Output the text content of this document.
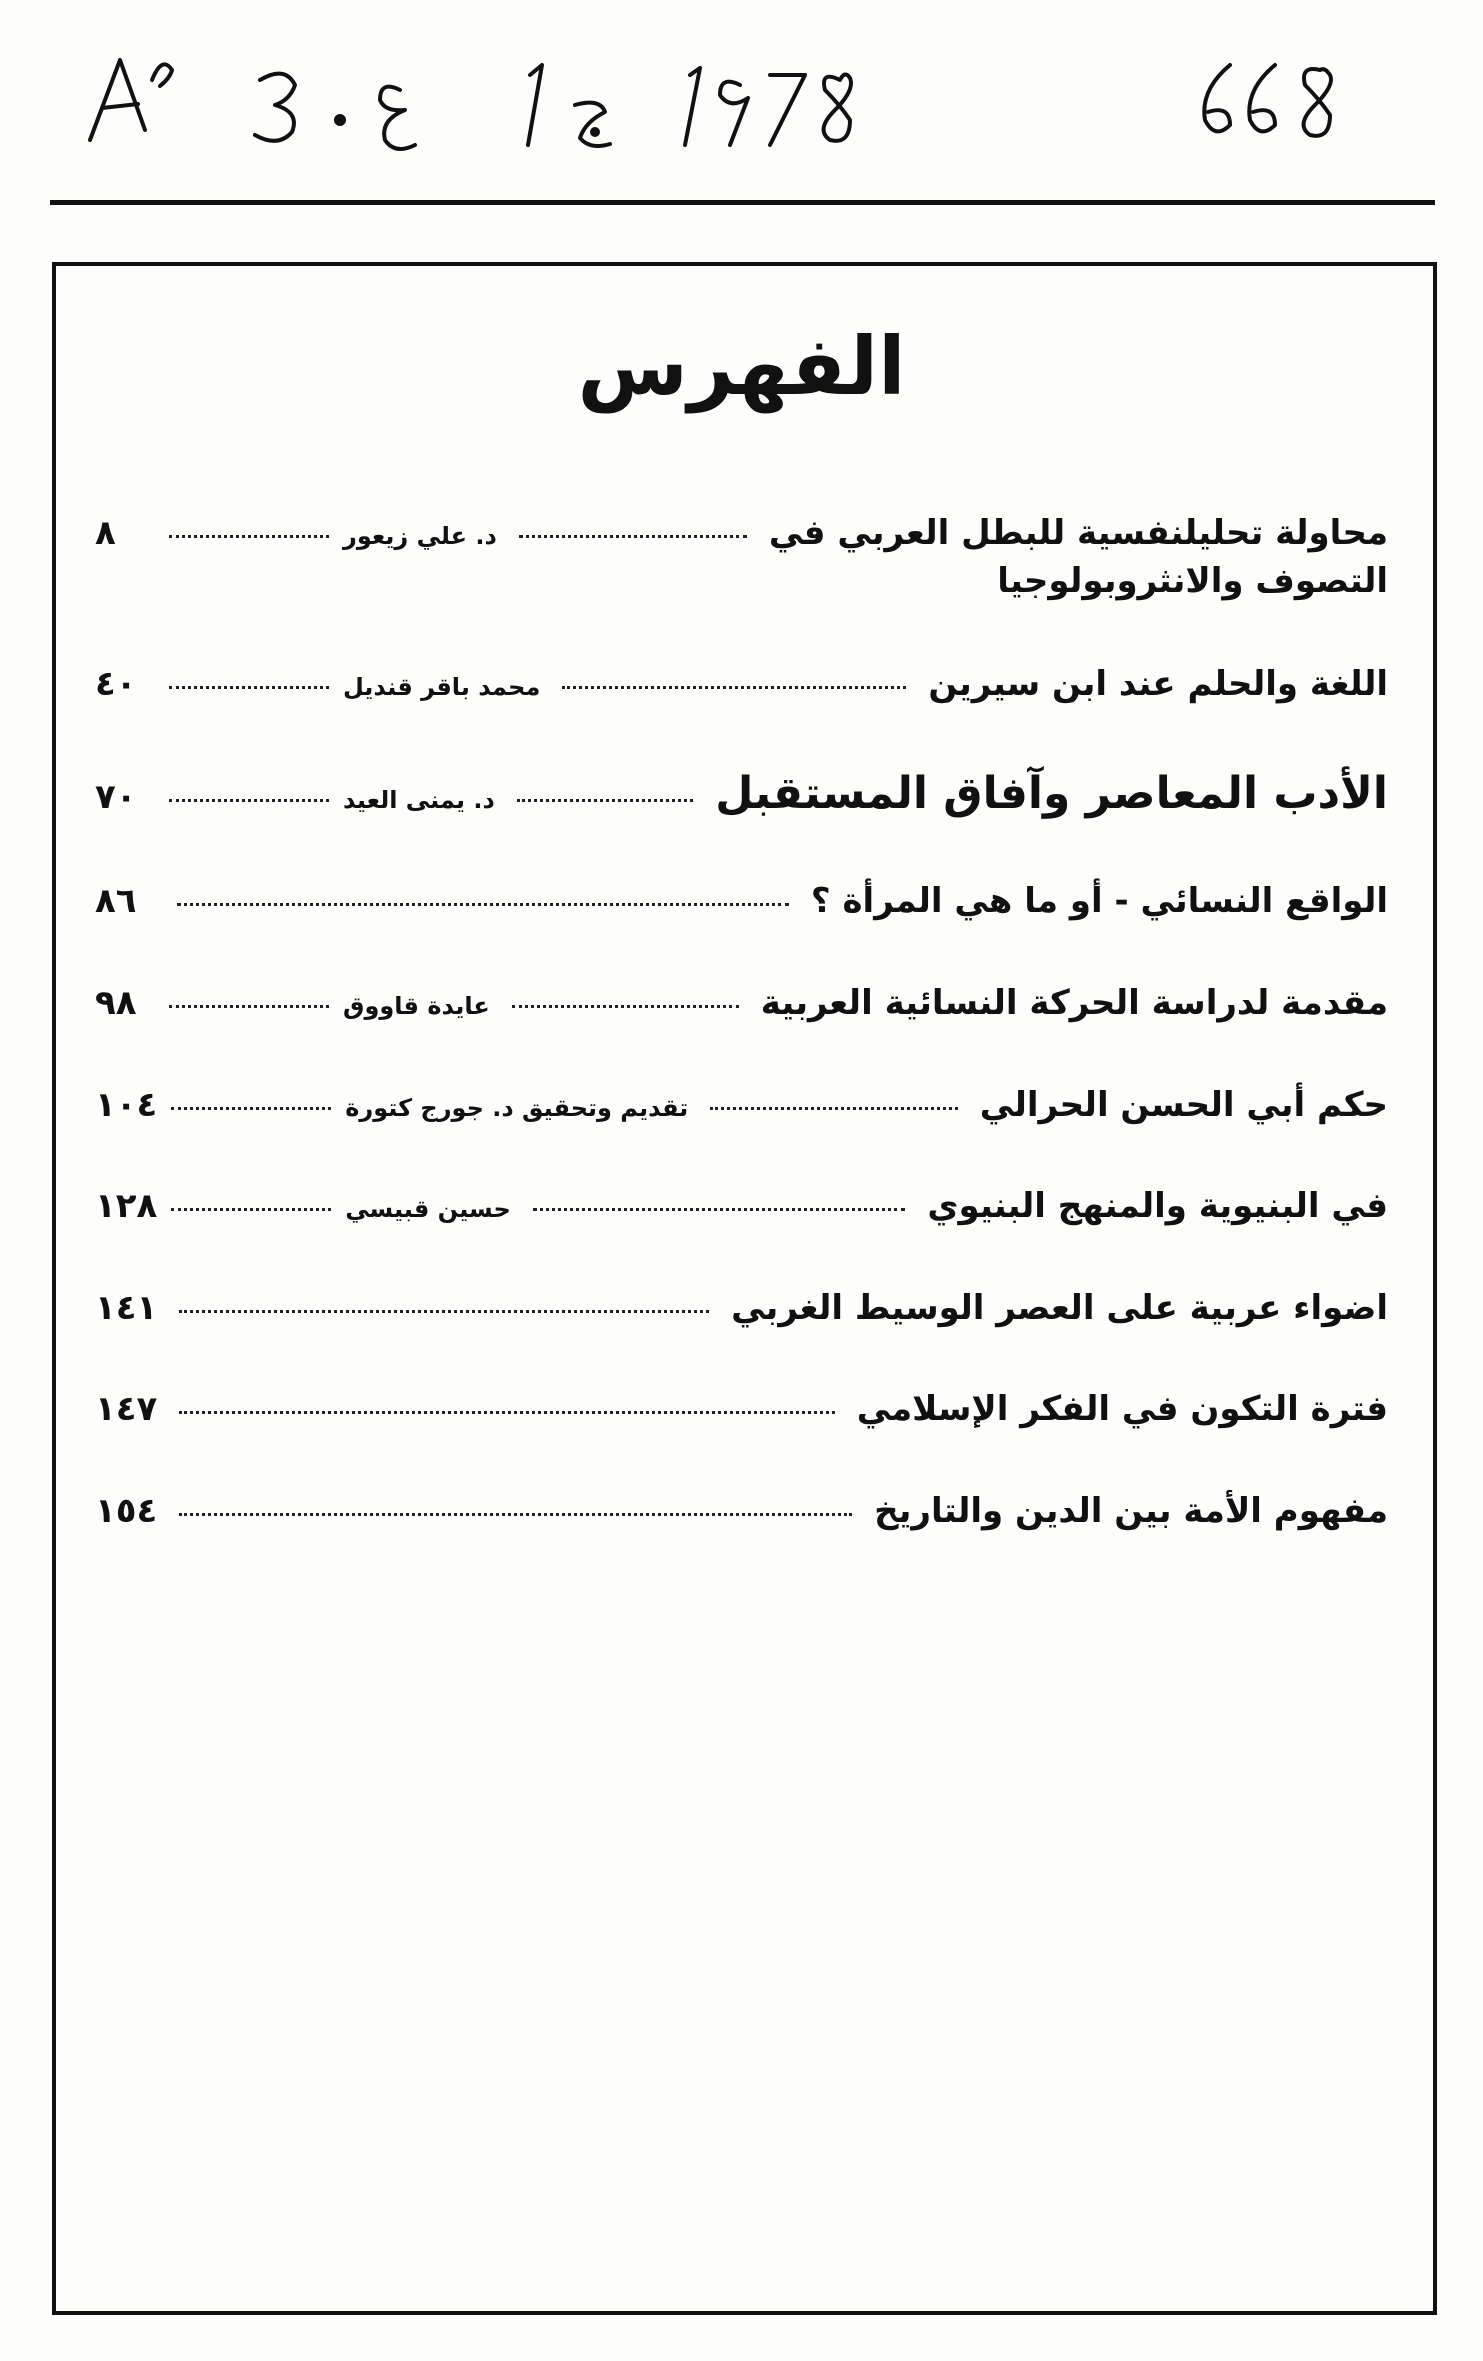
الفهرس
محاولة تحليلنفسية للبطل العربي في
التصوف والانثروبولوجيا
د. علي زيعور
٨
اللغة والحلم عند ابن سيرين
محمد باقر قنديل
٤٠
الأدب المعاصر وآفاق المستقبل
د. يمنى العيد
٧٠
الواقع النسائي - أو ما هي المرأة ؟
٨٦
مقدمة لدراسة الحركة النسائية العربية
عايدة قاووق
٩٨
حكم أبي الحسن الحرالي
تقديم وتحقيق د. جورج كتورة
١٠٤
في البنيوية والمنهج البنيوي
حسين قبيسي
١٢٨
اضواء عربية على العصر الوسيط الغربي
١٤١
فترة التكون في الفكر الإسلامي
١٤٧
مفهوم الأمة بين الدين والتاريخ
١٥٤
